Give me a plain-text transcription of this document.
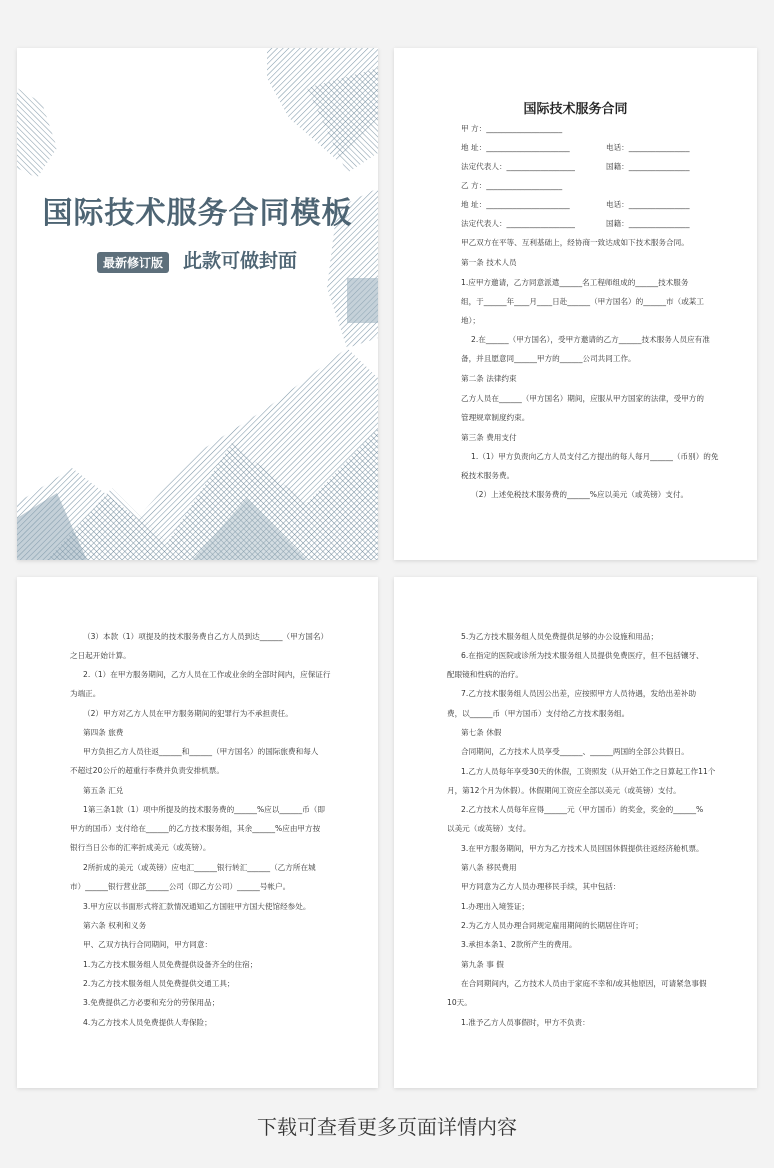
国际技术服务合同模板
最新修订版	此款可做封面
国际技术服务合同
甲 方：____________________
地 址：______________________	电话：________________
法定代表人：__________________	国籍：________________
乙 方：____________________
地 址：______________________	电话：________________
法定代表人：__________________	国籍：________________
甲乙双方在平等、互利基础上，经协商一致达成如下技术服务合同。
第一条 技术人员
1.应甲方邀请，乙方同意派遣______名工程师组成的______技术服务
组，于______年____月____日赴______（甲方国名）的______市（或某工
地）；
2.在______（甲方国名），受甲方邀请的乙方______技术服务人员应有准
备，并且愿意同______甲方的______公司共同工作。
第二条 法律约束
乙方人员在______（甲方国名）期间，应服从甲方国家的法律，受甲方的
管理规章制度约束。
第三条 费用支付
1.（1）甲方负责向乙方人员支付乙方提出的每人每月______（币别）的免
税技术服务费。
（2）上述免税技术服务费的______%应以美元（或英镑）支付。
（3）本款（1）项提及的技术服务费自乙方人员到达______（甲方国名）
之日起开始计算。
2.（1）在甲方服务期间，乙方人员在工作或业余的全部时间内，应保证行
为端正。
（2）甲方对乙方人员在甲方服务期间的犯罪行为不承担责任。
第四条 旅费
甲方负担乙方人员往返______和______（甲方国名）的国际旅费和每人
不超过20公斤的超重行李费并负责安排机票。
第五条 汇兑
1第三条1款（1）项中所提及的技术服务费的______%应以______币（即
甲方的国币）支付给在______的乙方技术服务组，其余______%应由甲方按
银行当日公布的汇率折成美元（或英镑）。
2所折成的美元（或英镑）应电汇______银行转汇______（乙方所在城
市）______银行营业部______公司（即乙方公司）______号帐户。
3.甲方应以书面形式将汇款情况通知乙方国驻甲方国大使馆经参处。
第六条 权利和义务
甲、乙双方执行合同期间，甲方同意：
1.为乙方技术服务组人员免费提供设备齐全的住宿；
2.为乙方技术服务组人员免费提供交通工具；
3.免费提供乙方必要和充分的劳保用品；
4.为乙方技术人员免费提供人寿保险；
5.为乙方技术服务组人员免费提供足够的办公设施和用品；
6.在指定的医院或诊所为技术服务组人员提供免费医疗，但不包括镶牙、
配眼镜和性病的治疗。
7.乙方技术服务组人员因公出差，应按照甲方人员待遇，发给出差补助
费，以______币（甲方国币）支付给乙方技术服务组。
第七条 休假
合同期间，乙方技术人员享受______、______两国的全部公共假日。
1.乙方人员每年享受30天的休假，工资照发（从开始工作之日算起工作11个
月，第12个月为休假）。休假期间工资应全部以美元（或英镑）支付。
2.乙方技术人员每年应得______元（甲方国币）的奖金，奖金的______%
以美元（或英镑）支付。
3.在甲方服务期间，甲方为乙方技术人员回国休假提供往返经济舱机票。
第八条 移民费用
甲方同意为乙方人员办理移民手续，其中包括：
1.办理出入境签证；
2.为乙方人员办理合同规定雇用期间的长期居住许可；
3.承担本条1、2款所产生的费用。
第九条 事 假
在合同期间内，乙方技术人员由于家庭不幸和/或其他原因，可请紧急事假
10天。
1.准予乙方人员事假时，甲方不负责：
下载可查看更多页面详情内容
